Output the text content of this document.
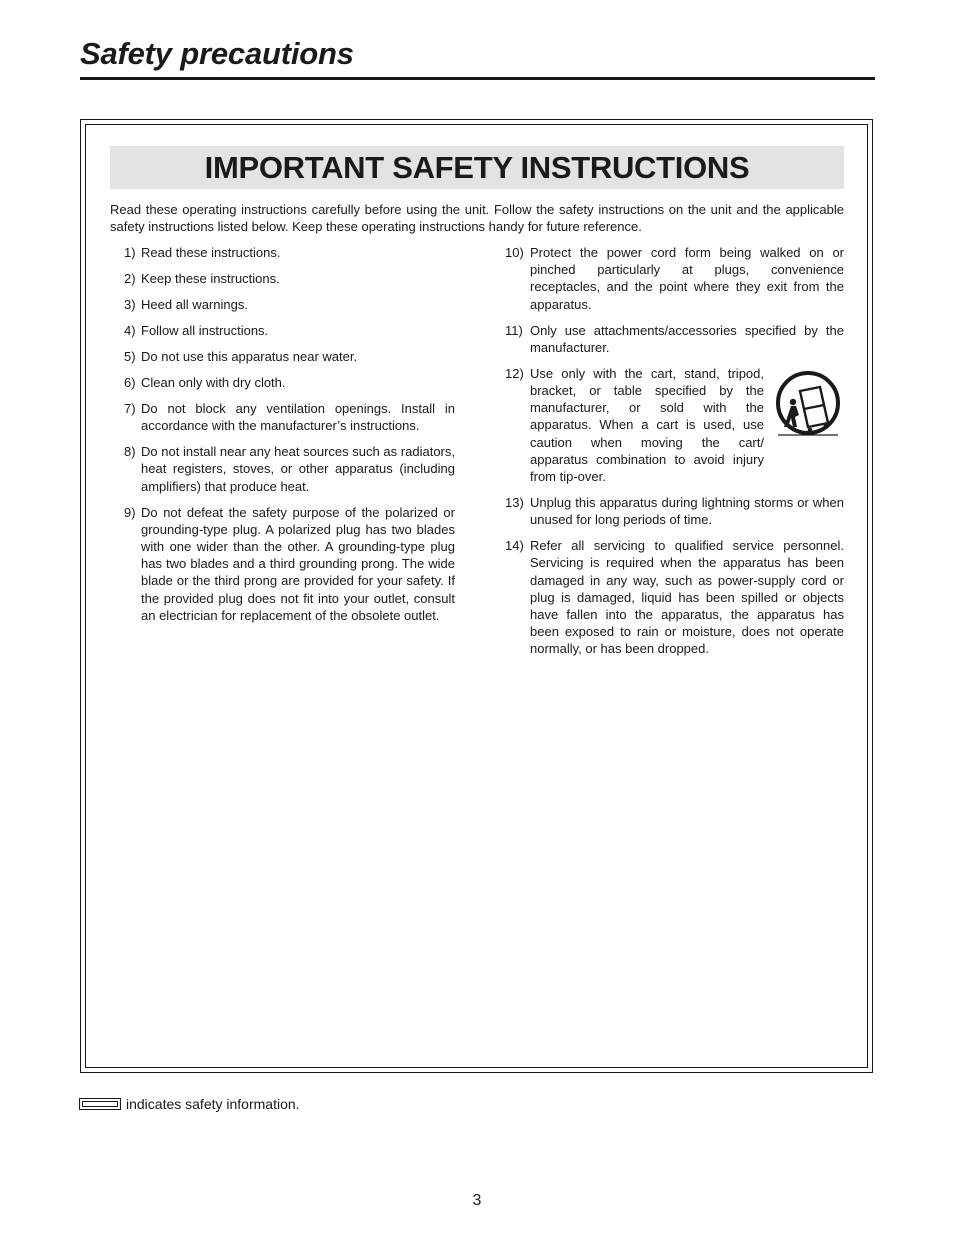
Safety precautions
IMPORTANT SAFETY INSTRUCTIONS
Read these operating instructions carefully before using the unit. Follow the safety instructions on the unit and the applicable safety instructions listed below. Keep these operating instructions handy for future reference.
1) Read these instructions.
2) Keep these instructions.
3) Heed all warnings.
4) Follow all instructions.
5) Do not use this apparatus near water.
6) Clean only with dry cloth.
7) Do not block any ventilation openings. Install in accordance with the manufacturer’s instructions.
8) Do not install near any heat sources such as radiators, heat registers, stoves, or other apparatus (including amplifiers) that produce heat.
9) Do not defeat the safety purpose of the polarized or grounding-type plug. A polarized plug has two blades with one wider than the other. A grounding-type plug has two blades and a third grounding prong. The wide blade or the third prong are provided for your safety. If the provided plug does not fit into your outlet, consult an electrician for replacement of the obsolete outlet.
10) Protect the power cord form being walked on or pinched particularly at plugs, convenience receptacles, and the point where they exit from the apparatus.
11) Only use attachments/accessories specified by the manufacturer.
12) Use only with the cart, stand, tripod, bracket, or table specified by the manufacturer, or sold with the apparatus. When a cart is used, use caution when moving the cart/ apparatus combination to avoid injury from tip-over.
13) Unplug this apparatus during lightning storms or when unused for long periods of time.
14) Refer all servicing to qualified service personnel. Servicing is required when the apparatus has been damaged in any way, such as power-supply cord or plug is damaged, liquid has been spilled or objects have fallen into the apparatus, the apparatus has been exposed to rain or moisture, does not operate normally, or has been dropped.
indicates safety information.
3
